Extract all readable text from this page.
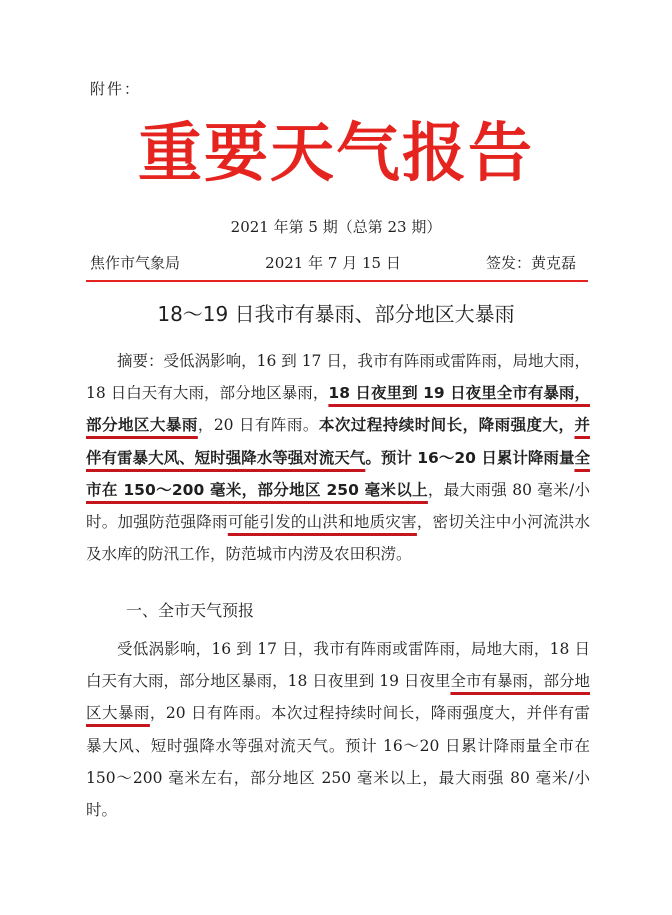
附件：
重要天气报告
2021 年第 5 期（总第 23 期）
焦作市气象局	2021 年 7 月 15 日	签发：黄克磊
18～19 日我市有暴雨、部分地区大暴雨

摘要：受低涡影响，16 到 17 日，我市有阵雨或雷阵雨，局地大雨，18 日白天有大雨，部分地区暴雨，18 日夜里到 19 日夜里全市有暴雨，部分地区大暴雨，20 日有阵雨。本次过程持续时间长，降雨强度大，并伴有雷暴大风、短时强降水等强对流天气。预计 16～20 日累计降雨量全市在 150～200 毫米，部分地区 250 毫米以上，最大雨强 80 毫米/小时。加强防范强降雨可能引发的山洪和地质灾害，密切关注中小河流洪水及水库的防汛工作，防范城市内涝及农田积涝。

一、全市天气预报

受低涡影响，16 到 17 日，我市有阵雨或雷阵雨，局地大雨，18 日白天有大雨，部分地区暴雨，18 日夜里到 19 日夜里全市有暴雨，部分地区大暴雨，20 日有阵雨。本次过程持续时间长，降雨强度大，并伴有雷暴大风、短时强降水等强对流天气。预计 16～20 日累计降雨量全市在 150～200 毫米左右，部分地区 250 毫米以上，最大雨强 80 毫米/小时。
